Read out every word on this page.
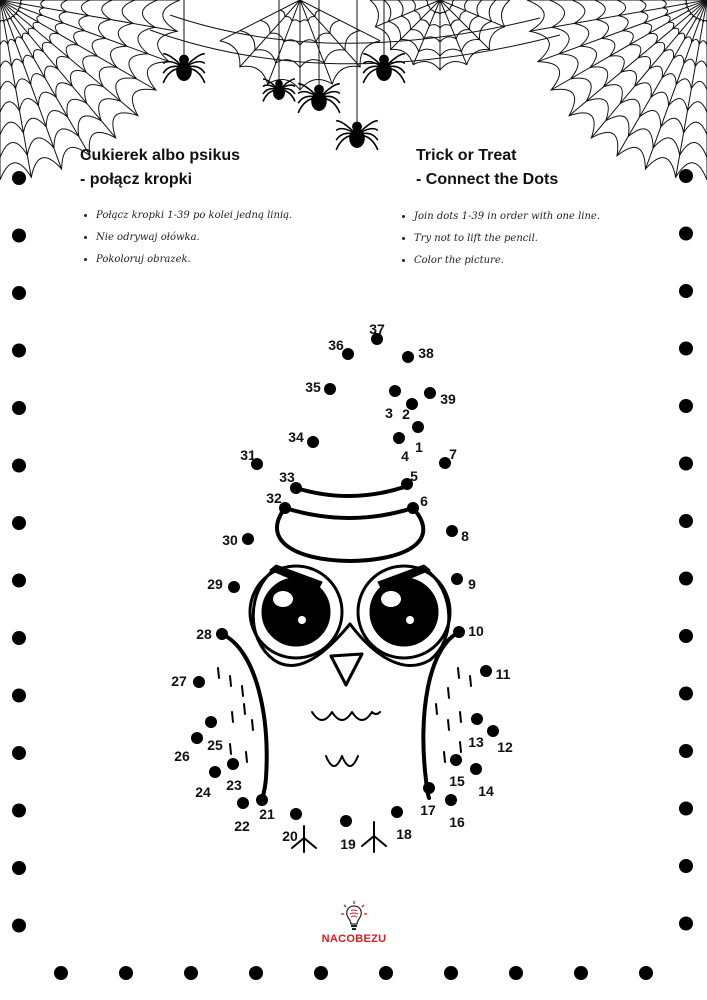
1
2
3
4
5
6
7
8
9
10
11
12
13
14
15
16
17
18
19
20
21
22
23
24
25
26
27
28
29
30
31
32
33
34
35
36
37
38
39
Cukierek albo psikus
- połącz kropki
• Połącz kropki 1-39 po kolei jedną linią.
• Nie odrywaj ołówka.
• Pokoloruj obrazek.
Trick or Treat
- Connect the Dots
• Join dots 1-39 in order with one line.
• Try not to lift the pencil.
• Color the picture.
NACOBEZU
